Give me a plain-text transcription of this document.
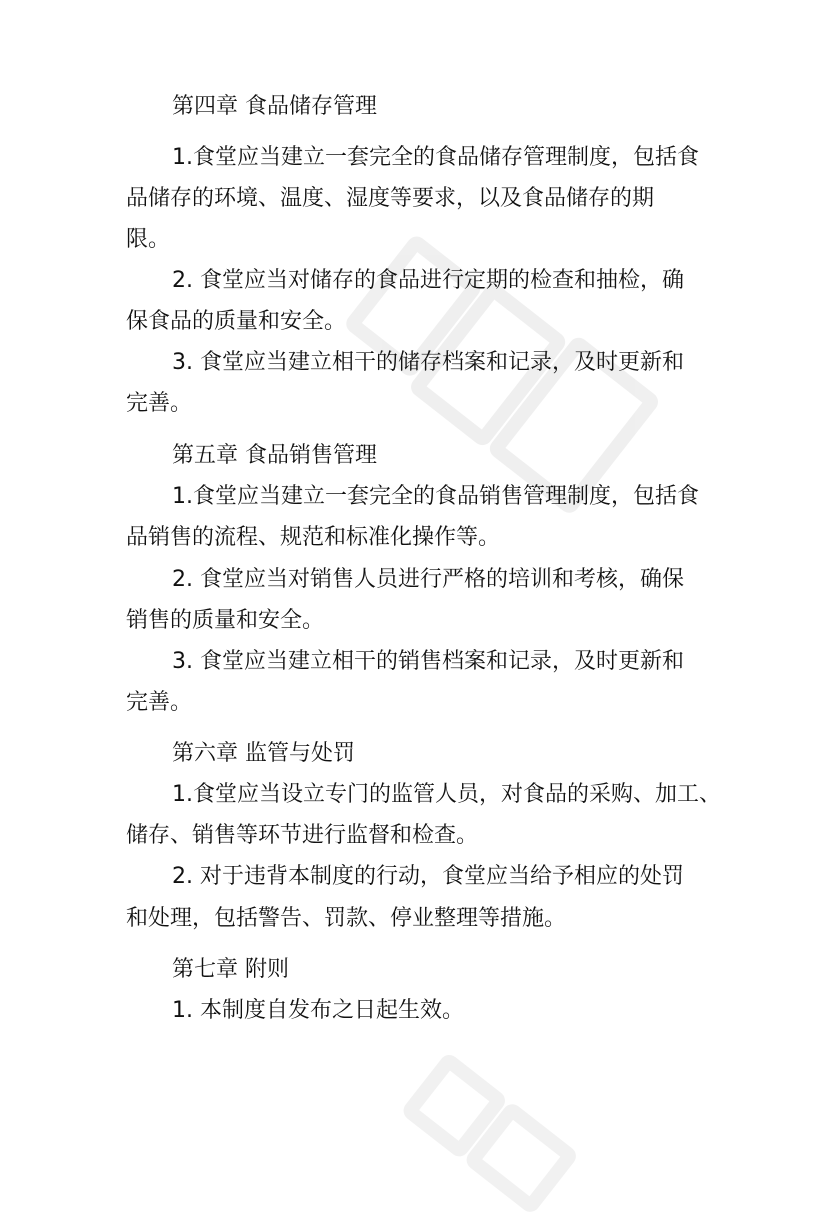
第四章 食品储存管理
1.食堂应当建立一套完全的食品储存管理制度，包括食
品储存的环境、温度、湿度等要求，以及食品储存的期
限。
2. 食堂应当对储存的食品进行定期的检查和抽检，确
保食品的质量和安全。
3. 食堂应当建立相干的储存档案和记录，及时更新和
完善。
第五章 食品销售管理
1.食堂应当建立一套完全的食品销售管理制度，包括食
品销售的流程、规范和标准化操作等。
2. 食堂应当对销售人员进行严格的培训和考核，确保
销售的质量和安全。
3. 食堂应当建立相干的销售档案和记录，及时更新和
完善。
第六章 监管与处罚
1.食堂应当设立专门的监管人员，对食品的采购、加工、
储存、销售等环节进行监督和检查。
2. 对于违背本制度的行动，食堂应当给予相应的处罚
和处理，包括警告、罚款、停业整理等措施。
第七章 附则
1. 本制度自发布之日起生效。
